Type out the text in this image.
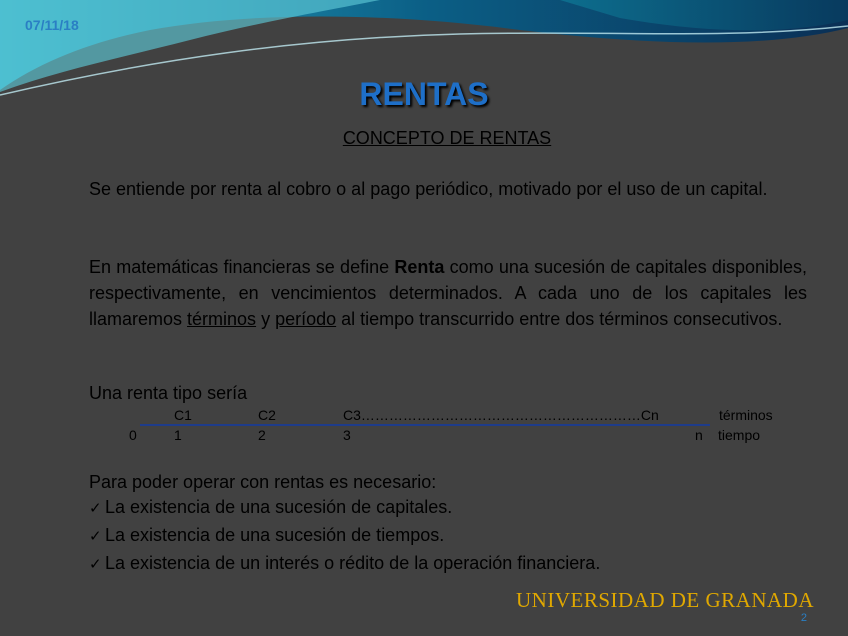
07/11/18
RENTAS
CONCEPTO DE RENTAS

Se entiende por renta al cobro o al pago periódico, motivado por el uso de un capital.

En matemáticas financieras se define Renta como una sucesión de capitales disponibles, respectivamente, en vencimientos determinados. A cada uno de los capitales les llamaremos términos y período al tiempo transcurrido entre dos términos consecutivos.

Una renta tipo sería

C1	C2	C3……………………………………………………Cn	términos
0	1	2	3	n tiempo
Para poder operar con rentas es necesario:
✓ La existencia de una sucesión de capitales.
✓ La existencia de una sucesión de tiempos.
✓ La existencia de un interés o rédito de la operación financiera.
UNIVERSIDAD DE GRANADA
2
